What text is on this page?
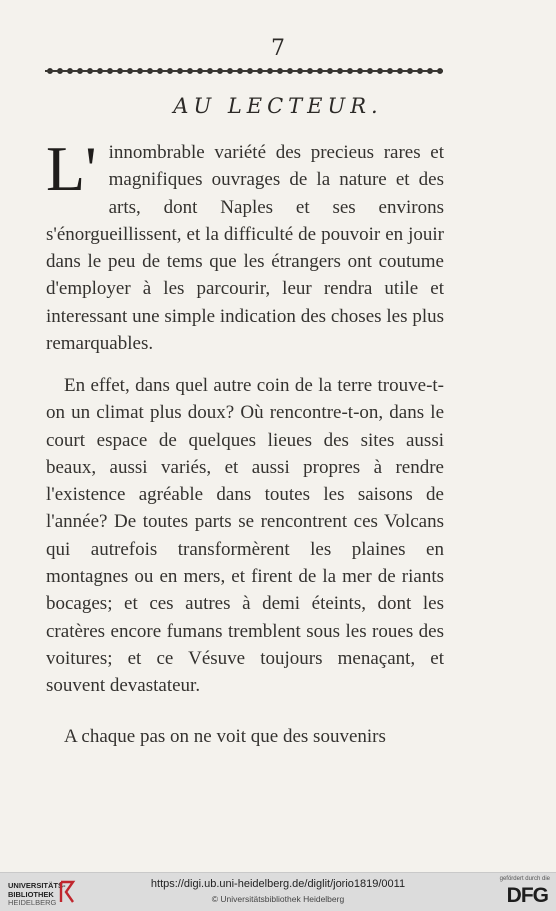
7
AU LECTEUR.
L' innombrable variété des precieus rares et magnifiques ouvrages de la nature et des arts, dont Naples et ses environs s'énorgueillissent, et la difficulté de pouvoir en jouir dans le peu de tems que les étrangers ont coutume d'employer à les parcourir, leur rendra utile et interessant une simple indication des choses les plus remarquables.
En effet, dans quel autre coin de la terre trouve-t-on un climat plus doux? Où rencontre-t-on, dans le court espace de quelques lieues des sites aussi beaux, aussi variés, et aussi propres à rendre l'existence agréable dans toutes les saisons de l'année? De toutes parts se rencontrent ces Volcans qui autrefois transformèrent les plaines en montagnes ou en mers, et firent de la mer de riants bocages; et ces autres à demi éteints, dont les cratères encore fumans tremblent sous les roues des voitures; et ce Vésuve toujours menaçant, et souvent devastateur.
A chaque pas on ne voit que des souvenirs
UNIVERSITÄTS-
BIBLIOTHEK
HEIDELBERG
https://digi.ub.uni-heidelberg.de/diglit/jorio1819/0011
© Universitätsbibliothek Heidelberg
gefördert durch die
DFG
